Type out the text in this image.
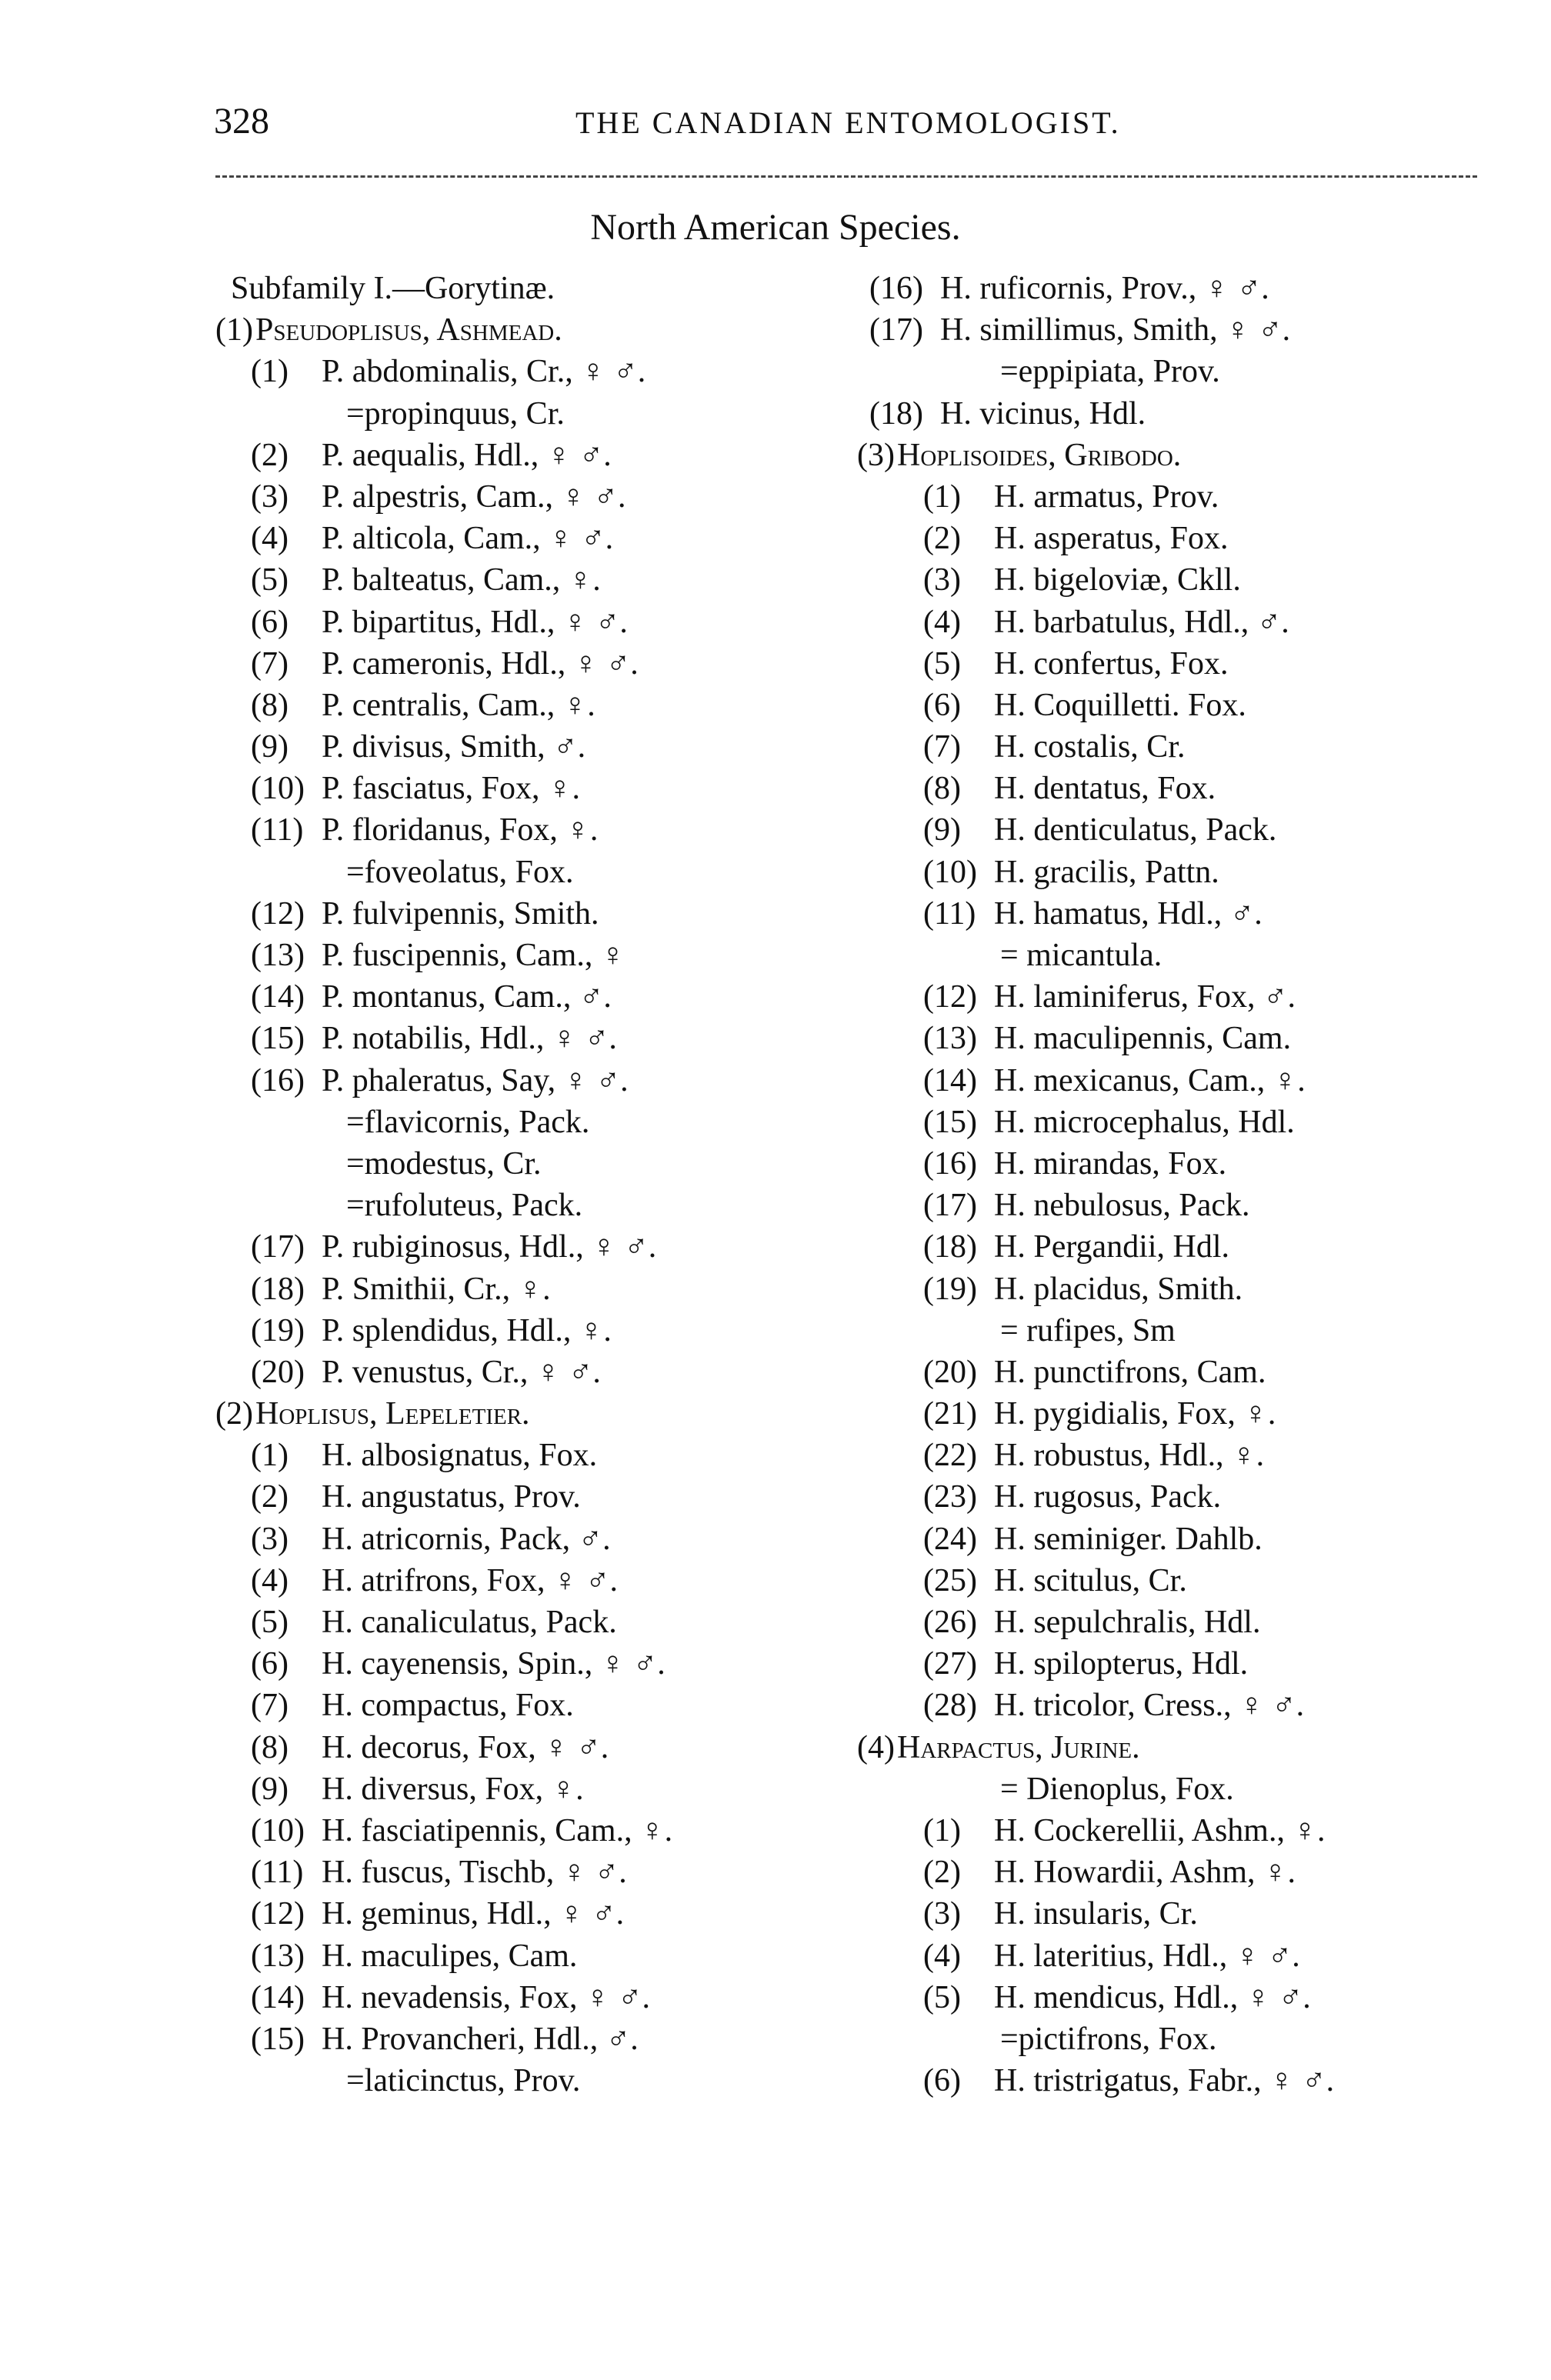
328	THE CANADIAN ENTOMOLOGIST.
North American Species.
Subfamily I.—Gorytinæ.
(1)Pseudoplisus, Ashmead.
(1) P. abdominalis, Cr., ♀ ♂.
=propinquus, Cr.
(2) P. aequalis, Hdl., ♀ ♂.
(3) P. alpestris, Cam., ♀ ♂.
(4) P. alticola, Cam., ♀ ♂.
(5) P. balteatus, Cam., ♀.
(6) P. bipartitus, Hdl., ♀ ♂.
(7) P. cameronis, Hdl., ♀ ♂.
(8) P. centralis, Cam., ♀.
(9) P. divisus, Smith, ♂.
(10) P. fasciatus, Fox, ♀.
(11) P. floridanus, Fox, ♀.
=foveolatus, Fox.
(12) P. fulvipennis, Smith.
(13) P. fuscipennis, Cam., ♀
(14) P. montanus, Cam., ♂.
(15) P. notabilis, Hdl., ♀ ♂.
(16) P. phaleratus, Say, ♀ ♂.
=flavicornis, Pack.
=modestus, Cr.
=rufoluteus, Pack.
(17) P. rubiginosus, Hdl., ♀ ♂.
(18) P. Smithii, Cr., ♀.
(19) P. splendidus, Hdl., ♀.
(20) P. venustus, Cr., ♀ ♂.
(2)Hoplisus, Lepeletier.
(1) H. albosignatus, Fox.
(2) H. angustatus, Prov.
(3) H. atricornis, Pack, ♂.
(4) H. atrifrons, Fox, ♀ ♂.
(5) H. canaliculatus, Pack.
(6) H. cayenensis, Spin., ♀ ♂.
(7) H. compactus, Fox.
(8) H. decorus, Fox, ♀ ♂.
(9) H. diversus, Fox, ♀.
(10) H. fasciatipennis, Cam., ♀.
(11) H. fuscus, Tischb, ♀ ♂.
(12) H. geminus, Hdl., ♀ ♂.
(13) H. maculipes, Cam.
(14) H. nevadensis, Fox, ♀ ♂.
(15) H. Provancheri, Hdl., ♂.
=laticinctus, Prov.
(16) H. ruficornis, Prov., ♀ ♂.
(17) H. simillimus, Smith, ♀ ♂.
=eppipiata, Prov.
(18) H. vicinus, Hdl.
(3)Hoplisoides, Gribodo.
(1) H. armatus, Prov.
(2) H. asperatus, Fox.
(3) H. bigeloviæ, Ckll.
(4) H. barbatulus, Hdl., ♂.
(5) H. confertus, Fox.
(6) H. Coquilletti. Fox.
(7) H. costalis, Cr.
(8) H. dentatus, Fox.
(9) H. denticulatus, Pack.
(10) H. gracilis, Pattn.
(11) H. hamatus, Hdl., ♂.
= micantula.
(12) H. laminiferus, Fox, ♂.
(13) H. maculipennis, Cam.
(14) H. mexicanus, Cam., ♀.
(15) H. microcephalus, Hdl.
(16) H. mirandas, Fox.
(17) H. nebulosus, Pack.
(18) H. Pergandii, Hdl.
(19) H. placidus, Smith.
= rufipes, Sm
(20) H. punctifrons, Cam.
(21) H. pygidialis, Fox, ♀.
(22) H. robustus, Hdl., ♀.
(23) H. rugosus, Pack.
(24) H. seminiger. Dahlb.
(25) H. scitulus, Cr.
(26) H. sepulchralis, Hdl.
(27) H. spilopterus, Hdl.
(28) H. tricolor, Cress., ♀ ♂.
(4)Harpactus, Jurine.
= Dienoplus, Fox.
(1) H. Cockerellii, Ashm., ♀.
(2) H. Howardii, Ashm, ♀.
(3) H. insularis, Cr.
(4) H. lateritius, Hdl., ♀ ♂.
(5) H. mendicus, Hdl., ♀ ♂.
=pictifrons, Fox.
(6) H. tristrigatus, Fabr., ♀ ♂.
